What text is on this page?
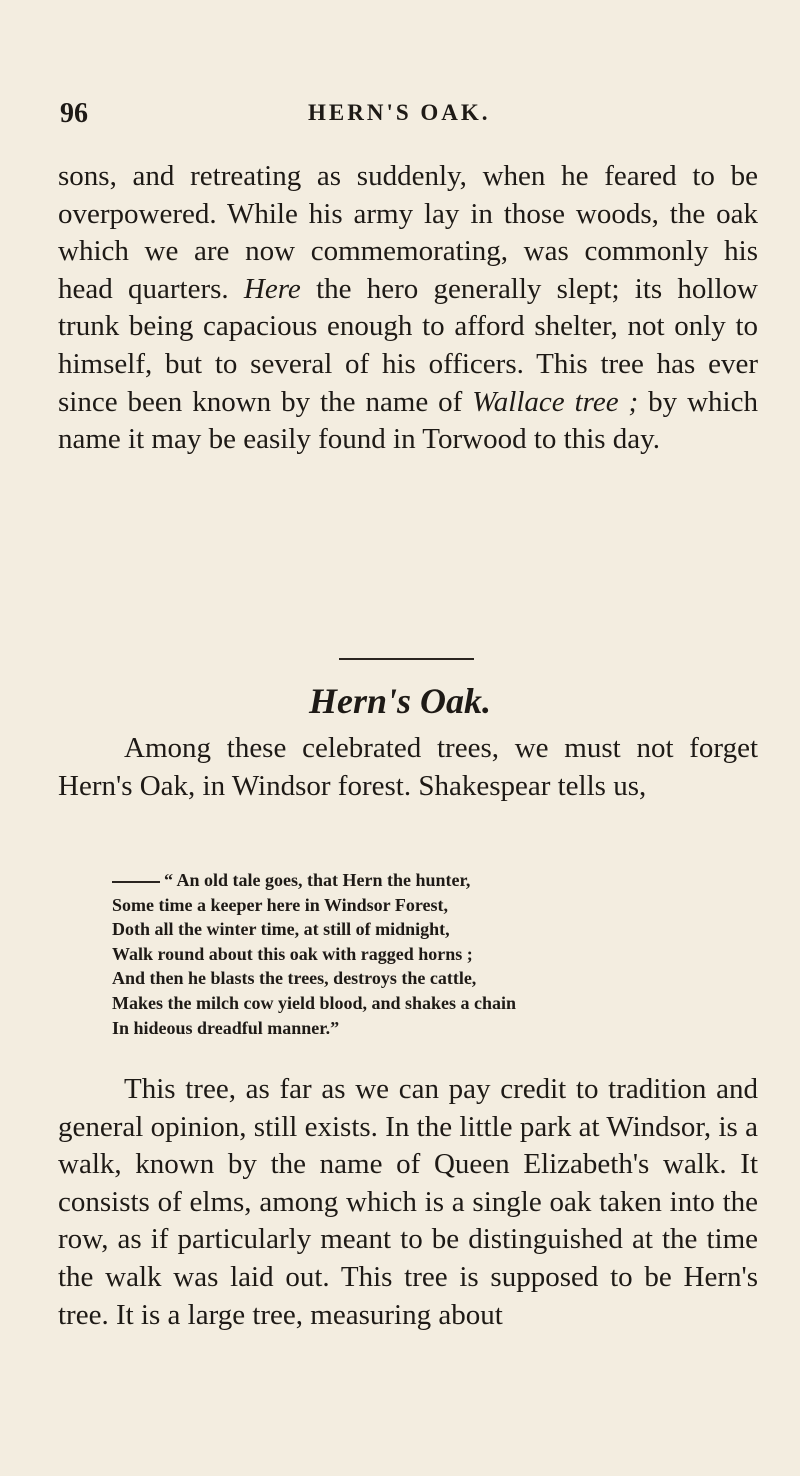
96	HERN'S OAK.

sons, and retreating as suddenly, when he feared to be overpowered. While his army lay in those woods, the oak which we are now commemorating, was commonly his head quarters. Here the hero generally slept; its hollow trunk being capacious enough to afford shelter, not only to himself, but to several of his officers. This tree has ever since been known by the name of Wallace tree ; by which name it may be easily found in Torwood to this day.

Hern's Oak.

Among these celebrated trees, we must not forget Hern's Oak, in Windsor forest. Shakespear tells us,

“ An old tale goes, that Hern the hunter,
Some time a keeper here in Windsor Forest,
Doth all the winter time, at still of midnight,
Walk round about this oak with ragged horns ;
And then he blasts the trees, destroys the cattle,
Makes the milch cow yield blood, and shakes a chain
In hideous dreadful manner.”

This tree, as far as we can pay credit to tradition and general opinion, still exists. In the little park at Windsor, is a walk, known by the name of Queen Elizabeth's walk. It consists of elms, among which is a single oak taken into the row, as if particularly meant to be distinguished at the time the walk was laid out. This tree is supposed to be Hern's tree. It is a large tree, measuring about
